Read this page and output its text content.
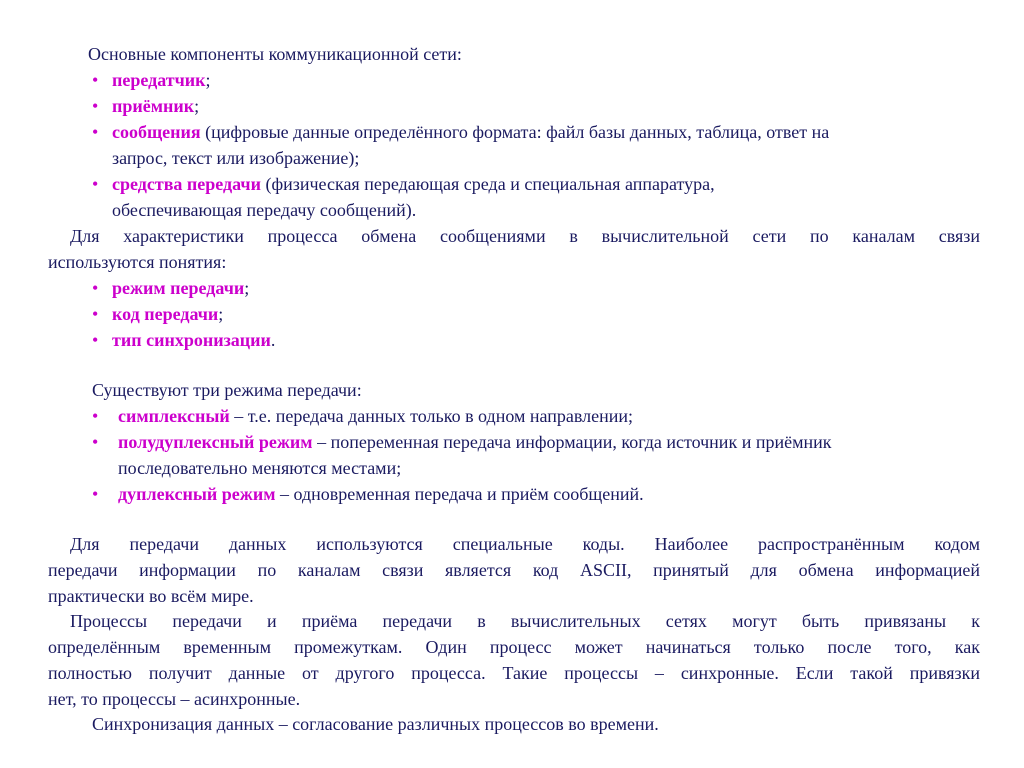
Основные компоненты коммуникационной сети:
• передатчик;
• приёмник;
• сообщения (цифровые данные определённого формата: файл базы данных, таблица, ответ на
запрос, текст или изображение);
• средства передачи (физическая передающая среда и специальная аппаратура,
обеспечивающая передачу сообщений).
Для характеристики процесса обмена сообщениями в вычислительной сети по каналам связи
используются понятия:
• режим передачи;
• код передачи;
• тип синхронизации.
Существуют три режима передачи:
• симплексный – т.е. передача данных только в одном направлении;
• полудуплексный режим – попеременная передача информации, когда источник и приёмник
последовательно меняются местами;
• дуплексный режим – одновременная передача и приём сообщений.
Для передачи данных используются специальные коды. Наиболее распространённым кодом
передачи информации по каналам связи является код ASCII, принятый для обмена информацией
практически во всём мире.
Процессы передачи и приёма передачи в вычислительных сетях могут быть привязаны к
определённым временным промежуткам. Один процесс может начинаться только после того, как
полностью получит данные от другого процесса. Такие процессы – синхронные. Если такой привязки
нет, то процессы – асинхронные.
Синхронизация данных – согласование различных процессов во времени.
